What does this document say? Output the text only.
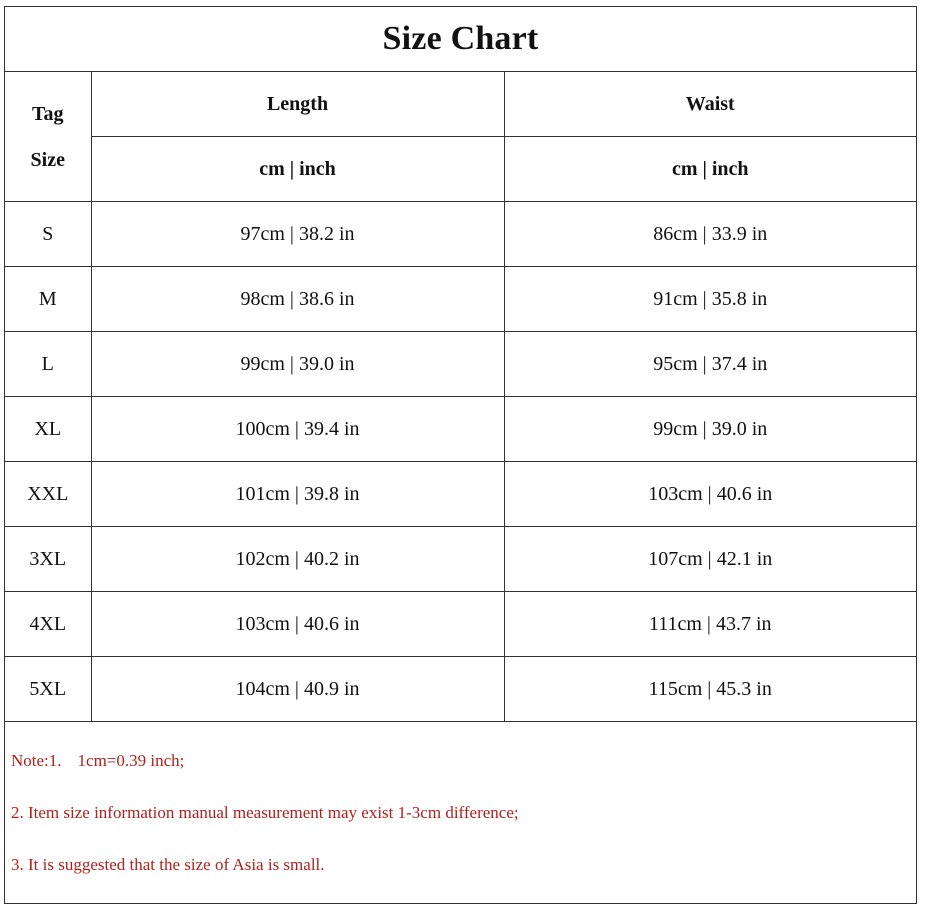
Size Chart
Tag
Size	Length	Waist
	cm | inch	cm | inch
S	97cm | 38.2 in	86cm | 33.9 in
M	98cm | 38.6 in	91cm | 35.8 in
L	99cm | 39.0 in	95cm | 37.4 in
XL	100cm | 39.4 in	99cm | 39.0 in
XXL	101cm | 39.8 in	103cm | 40.6 in
3XL	102cm | 40.2 in	107cm | 42.1 in
4XL	103cm | 40.6 in	111cm | 43.7 in
5XL	104cm | 40.9 in	115cm | 45.3 in
Note:1. 1cm=0.39 inch;
2. Item size information manual measurement may exist 1-3cm difference;
3. It is suggested that the size of Asia is small.
